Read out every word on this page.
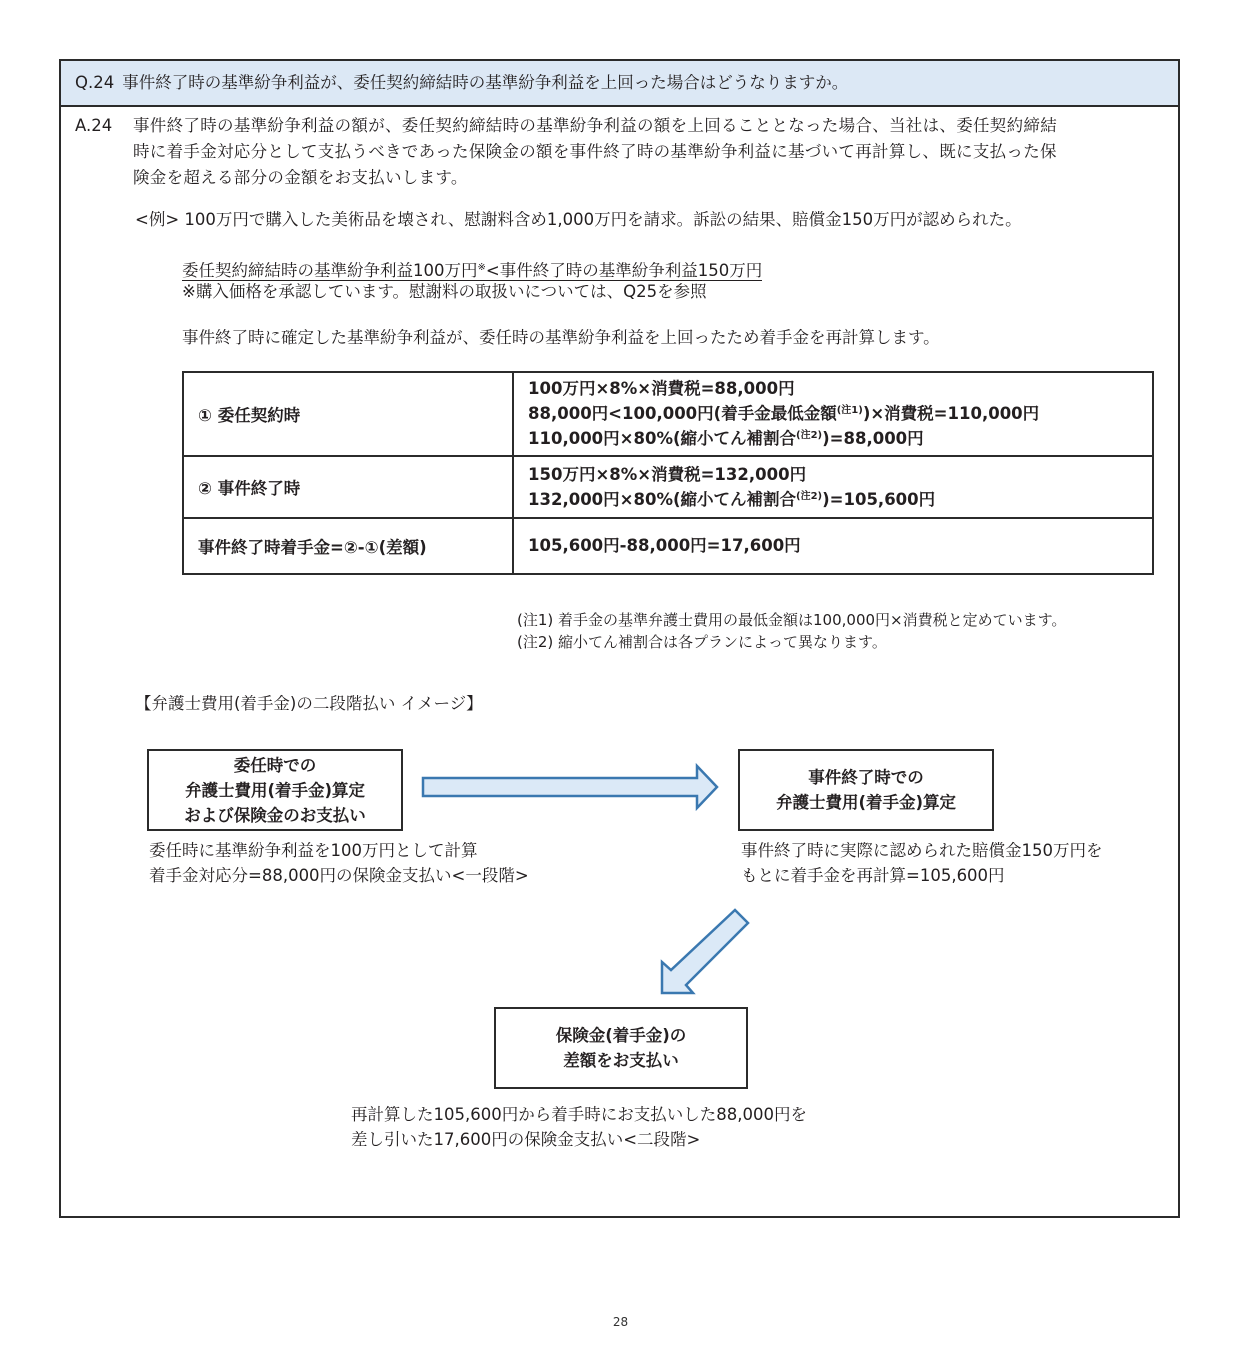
Q.24 事件終了時の基準紛争利益が、委任契約締結時の基準紛争利益を上回った場合はどうなりますか。
A.24 事件終了時の基準紛争利益の額が、委任契約締結時の基準紛争利益の額を上回ることとなった場合、当社は、委任契約締結
時に着手金対応分として支払うべきであった保険金の額を事件終了時の基準紛争利益に基づいて再計算し、既に支払った保
険金を超える部分の金額をお支払いします。
<例> 100万円で購入した美術品を壊され、慰謝料含め1,000万円を請求。訴訟の結果、賠償金150万円が認められた。
委任契約締結時の基準紛争利益100万円※<事件終了時の基準紛争利益150万円
※購入価格を承認しています。慰謝料の取扱いについては、Q25を参照
事件終了時に確定した基準紛争利益が、委任時の基準紛争利益を上回ったため着手金を再計算します。
① 委任契約時	100万円×8%×消費税=88,000円
88,000円<100,000円(着手金最低金額$^{(注1)}$)×消費税=110,000円
110,000円×80%(縮小てん補割合$^{(注2)}$)=88,000円

② 事件終了時	150万円×8%×消費税=132,000円
132,000円×80%(縮小てん補割合$^{(注2)}$)=105,600円

事件終了時着手金=②-①(差額)	105,600円-88,000円=17,600円
(注1) 着手金の基準弁護士費用の最低金額は100,000円×消費税と定めています。
(注2) 縮小てん補割合は各プランによって異なります。
【弁護士費用(着手金)の二段階払い イメージ】
委任時での
弁護士費用(着手金)算定
および保険金のお支払い
委任時に基準紛争利益を100万円として計算
着手金対応分=88,000円の保険金支払い<一段階>
事件終了時での
弁護士費用(着手金)算定
事件終了時に実際に認められた賠償金150万円を
もとに着手金を再計算=105,600円
保険金(着手金)の
差額をお支払い
再計算した105,600円から着手時にお支払いした88,000円を
差し引いた17,600円の保険金支払い<二段階>
28
